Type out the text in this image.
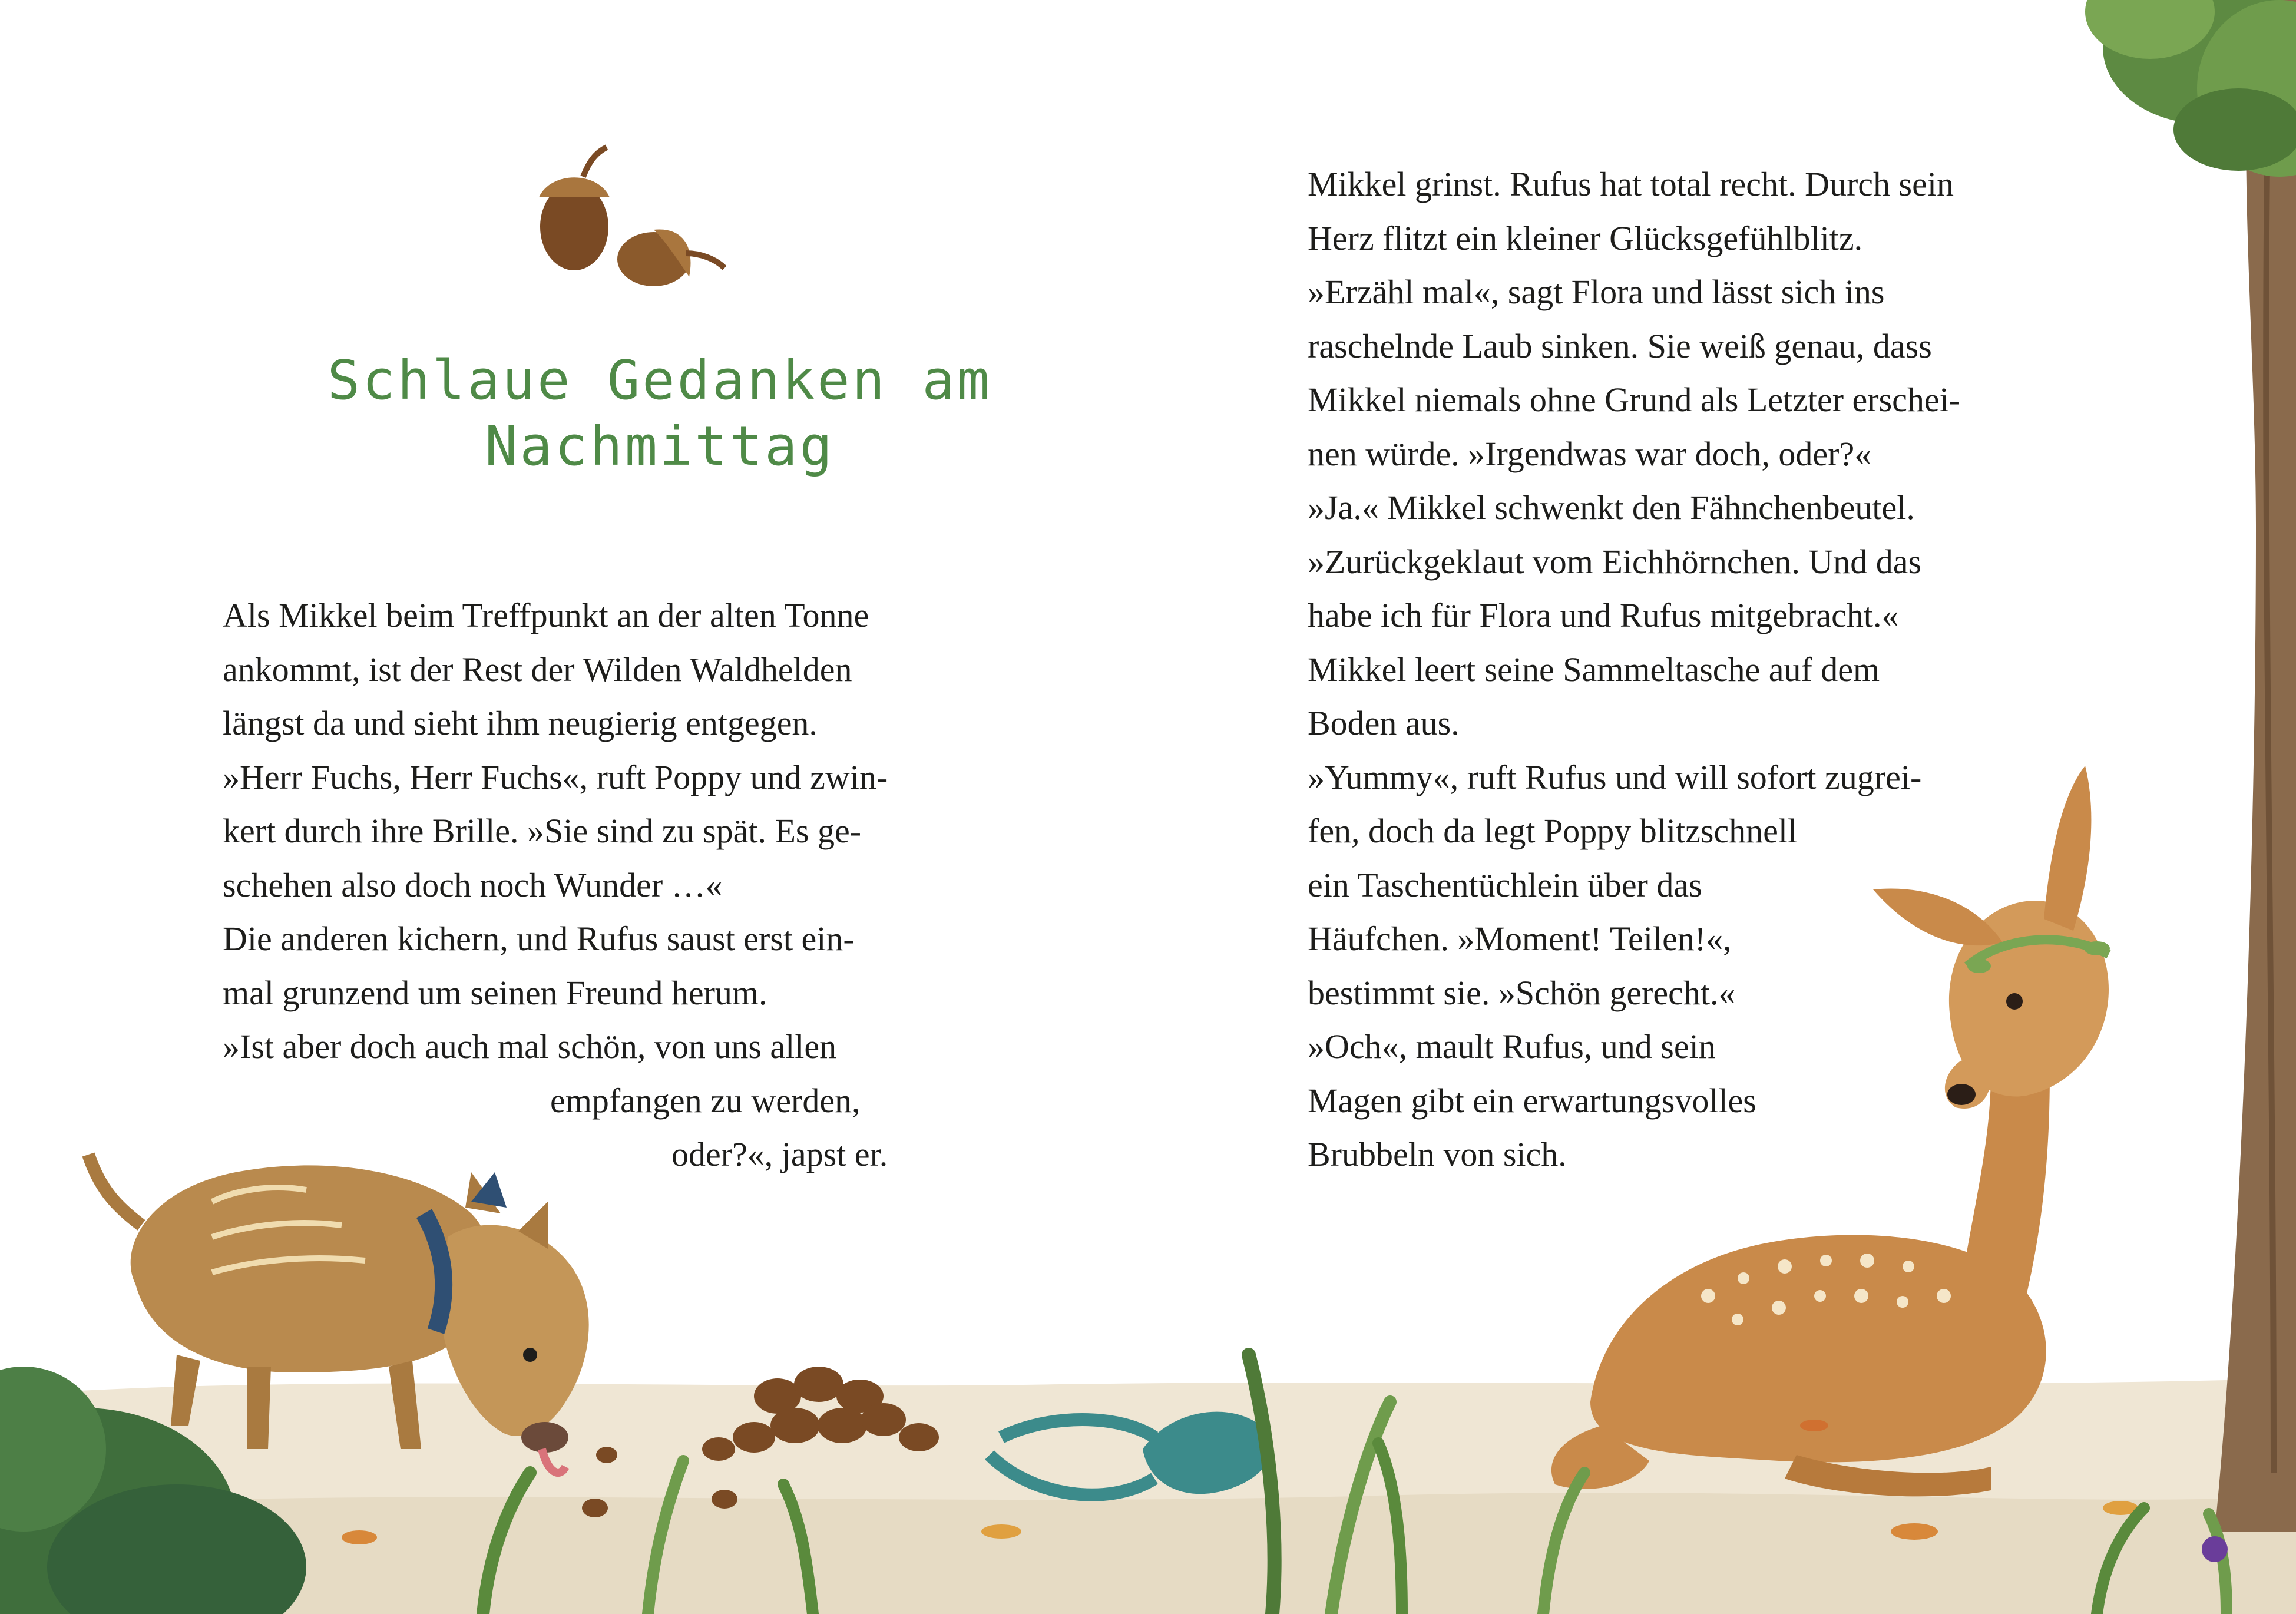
Schlaue Gedanken am
Nachmittag
Als Mikkel beim Treffpunkt an der alten Tonne
ankommt, ist der Rest der Wilden Waldhelden
längst da und sieht ihm neugierig entgegen.
»Herr Fuchs, Herr Fuchs«, ruft Poppy und zwin-
kert durch ihre Brille. »Sie sind zu spät. Es ge-
schehen also doch noch Wunder …«
Die anderen kichern, und Rufus saust erst ein-
mal grunzend um seinen Freund herum.
»Ist aber doch auch mal schön, von uns allen
empfangen zu werden,
oder?«, japst er.
Mikkel grinst. Rufus hat total recht. Durch sein
Herz flitzt ein kleiner Glücksgefühlblitz.
»Erzähl mal«, sagt Flora und lässt sich ins
raschelnde Laub sinken. Sie weiß genau, dass
Mikkel niemals ohne Grund als Letzter erschei-
nen würde. »Irgendwas war doch, oder?«
»Ja.« Mikkel schwenkt den Fähnchenbeutel.
»Zurückgeklaut vom Eichhörnchen. Und das
habe ich für Flora und Rufus mitgebracht.«
Mikkel leert seine Sammeltasche auf dem
Boden aus.
»Yummy«, ruft Rufus und will sofort zugrei-
fen, doch da legt Poppy blitzschnell
ein Taschentüchlein über das
Häufchen. »Moment! Teilen!«,
bestimmt sie. »Schön gerecht.«
»Och«, mault Rufus, und sein
Magen gibt ein erwartungsvolles
Brubbeln von sich.
